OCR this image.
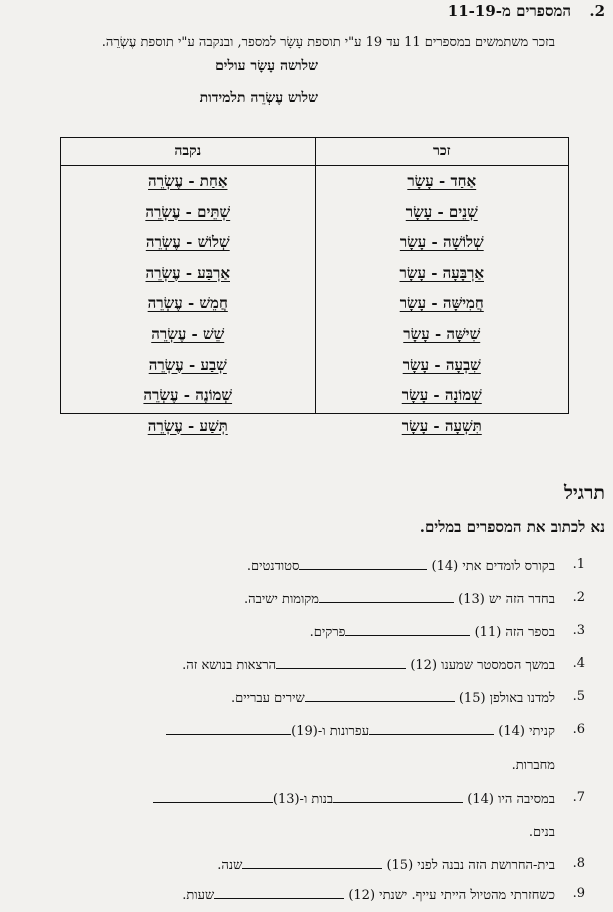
2.
המספרים מ-11-19
בזכר משתמשים במספרים 11 עד 19 ע"י תוספת עָשָׂר למספר, ובנקבה ע"י תוספת עֶשְׂרֵה.
שלושה עָשָׂר עולים
שלוש עֶשְׂרֵה תלמידות
זכר
אַחַד - עָשָׂר
שְׁנֵים - עָשָׂר
שְׁלוֹשָׁה - עָשָׂר
אַרְבָּעָה - עָשָׂר
חֲמִישָּׁה - עָשָׂר
שִׁישָּׁה - עָשָׂר
שִׁבְעָה - עָשָׂר
שְׁמוֹנָה - עָשָׂר
תִּשְׁעָה - עָשָׂר
נקבה
אַחַת - עֶשְׂרֵה
שְׁתֵּים - עֶשְׂרֵה
שְׁלוֹשׁ - עֶשְׂרֵה
אַרְבַּע - עֶשְׂרֵה
חֲמֵשׁ - עֶשְׂרֵה
שֵׁשׁ - עֶשְׂרֵה
שְׁבַע - עֶשְׂרֵה
שְׁמוֹנֶה - עֶשְׂרֵה
תְּשַׁע - עֶשְׂרֵה
תרגיל
נא לכתוב את המספרים במלים.
1.
בקורס לומדים אתי (14) סטודנטים.
2.
בחדר הזה יש (13) מקומות ישיבה.
3.
בספר הזה (11) פרקים.
4.
במשך הסמסטר שמענו (12) הרצאות בנושא זה.
5.
למדנו באולפן (15) שירים עבריים.
6.
קניתי (14) עפרונות ו-(19)
מחברות.
7.
במסיבה היו (14) בנות ו-(13)
בנים.
8.
בית-החרושת הזה נבנה לפני (15) שנה.
9.
כשחזרתי מהטיול הייתי עייף. ישנתי (12) שעות.
